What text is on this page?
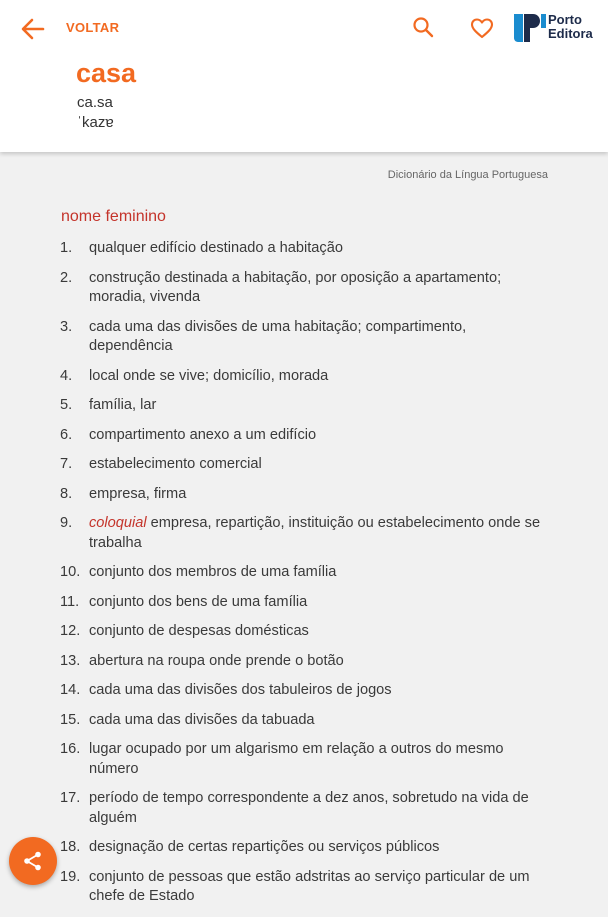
VOLTAR
Porto
Editora
casa
ca.sa
ˈkazɐ
Dicionário da Língua Portuguesa
nome feminino
1.	qualquer edifício destinado a habitação
2.	construção destinada a habitação, por oposição a apartamento; moradia, vivenda
3.	cada uma das divisões de uma habitação; compartimento, dependência
4.	local onde se vive; domicílio, morada
5.	família, lar
6.	compartimento anexo a um edifício
7.	estabelecimento comercial
8.	empresa, firma
9.	coloquial empresa, repartição, instituição ou estabelecimento onde se trabalha
10. conjunto dos membros de uma família
11. conjunto dos bens de uma família
12. conjunto de despesas domésticas
13. abertura na roupa onde prende o botão
14. cada uma das divisões dos tabuleiros de jogos
15. cada uma das divisões da tabuada
16. lugar ocupado por um algarismo em relação a outros do mesmo número
17. período de tempo correspondente a dez anos, sobretudo na vida de alguém
18. designação de certas repartições ou serviços públicos
19. conjunto de pessoas que estão adstritas ao serviço particular de um chefe de Estado
